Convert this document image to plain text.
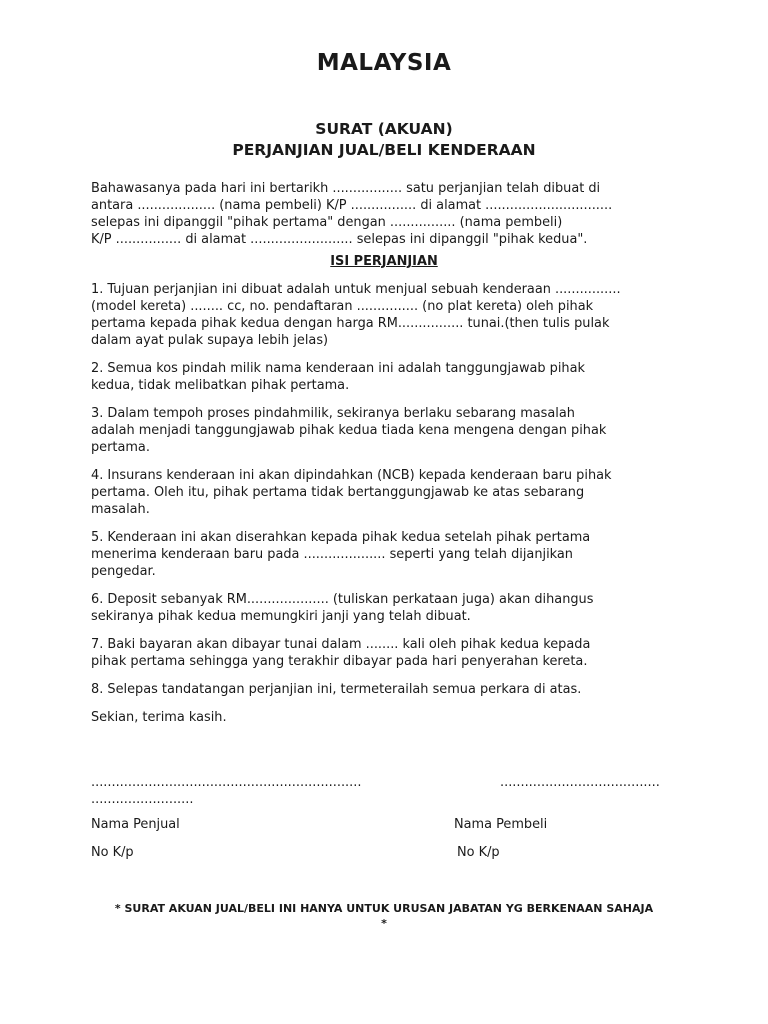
MALAYSIA
SURAT (AKUAN)
PERJANJIAN JUAL/BELI KENDERAAN

Bahawasanya pada hari ini bertarikh ................. satu perjanjian telah dibuat di

antara ................... (nama pembeli) K/P ................ di alamat ...............................

selepas ini dipanggil "pihak pertama" dengan ................ (nama pembeli)

K/P ................ di alamat ......................... selepas ini dipanggil "pihak kedua".

ISI PERJANJIAN

1. Tujuan perjanjian ini dibuat adalah untuk menjual sebuah kenderaan ................

(model kereta) ........ cc, no. pendaftaran ............... (no plat kereta) oleh pihak

pertama kepada pihak kedua dengan harga RM................ tunai.(then tulis pulak

dalam ayat pulak supaya lebih jelas)

2. Semua kos pindah milik nama kenderaan ini adalah tanggungjawab pihak

kedua, tidak melibatkan pihak pertama.

3. Dalam tempoh proses pindahmilik, sekiranya berlaku sebarang masalah

adalah menjadi tanggungjawab pihak kedua tiada kena mengena dengan pihak

pertama.

4. Insurans kenderaan ini akan dipindahkan (NCB) kepada kenderaan baru pihak

pertama. Oleh itu, pihak pertama tidak bertanggungjawab ke atas sebarang

masalah.

5. Kenderaan ini akan diserahkan kepada pihak kedua setelah pihak pertama

menerima kenderaan baru pada .................... seperti yang telah dijanjikan

pengedar.

6. Deposit sebanyak RM.................... (tuliskan perkataan juga) akan dihangus

sekiranya pihak kedua memungkiri janji yang telah dibuat.

7. Baki bayaran akan dibayar tunai dalam ........ kali oleh pihak kedua kepada

pihak pertama sehingga yang terakhir dibayar pada hari penyerahan kereta.

8. Selepas tandatangan perjanjian ini, termeterailah semua perkara di atas.

Sekian, terima kasih.

..................................................................
.........................
.......................................
Nama Penjual	Nama Pembeli
No K/p	No K/p
* SURAT AKUAN JUAL/BELI INI HANYA UNTUK URUSAN JABATAN YG BERKENAAN SAHAJA
*
